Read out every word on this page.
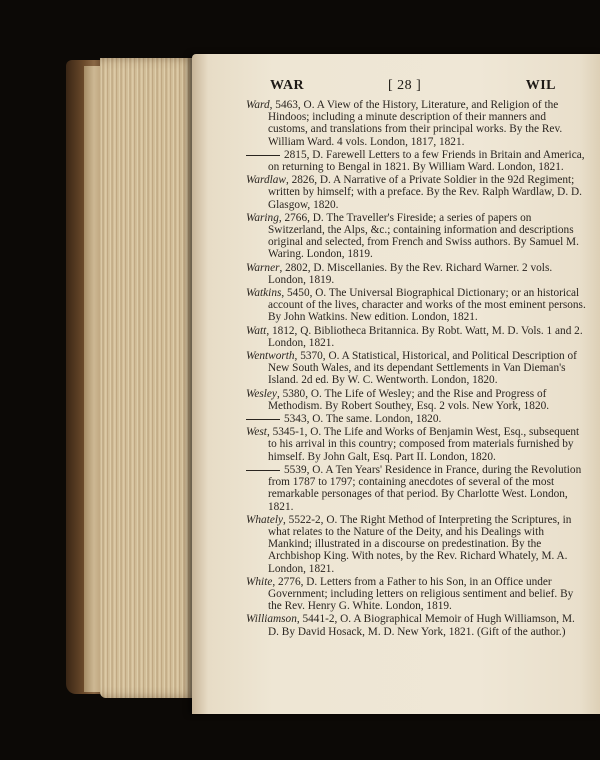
WAR	[ 28 ]	WIL

Ward, 5463, O. A View of the History, Literature, and Religion of the Hindoos; including a minute description of their manners and customs, and translations from their principal works. By the Rev. William Ward. 4 vols. London, 1817, 1821.

2815, D. Farewell Letters to a few Friends in Britain and America, on returning to Bengal in 1821. By William Ward. London, 1821.

Wardlaw, 2826, D. A Narrative of a Private Soldier in the 92d Regiment; written by himself; with a preface. By the Rev. Ralph Wardlaw, D. D. Glasgow, 1820.

Waring, 2766, D. The Traveller's Fireside; a series of papers on Switzerland, the Alps, &c.; containing information and descriptions original and selected, from French and Swiss authors. By Samuel M. Waring. London, 1819.

Warner, 2802, D. Miscellanies. By the Rev. Richard Warner. 2 vols. London, 1819.

Watkins, 5450, O. The Universal Biographical Dictionary; or an historical account of the lives, character and works of the most eminent persons. By John Watkins. New edition. London, 1821.

Watt, 1812, Q. Bibliotheca Britannica. By Robt. Watt, M. D. Vols. 1 and 2. London, 1821.

Wentworth, 5370, O. A Statistical, Historical, and Political Description of New South Wales, and its dependant Settlements in Van Dieman's Island. 2d ed. By W. C. Wentworth. London, 1820.

Wesley, 5380, O. The Life of Wesley; and the Rise and Progress of Methodism. By Robert Southey, Esq. 2 vols. New York, 1820.

5343, O. The same. London, 1820.

West, 5345-1, O. The Life and Works of Benjamin West, Esq., subsequent to his arrival in this country; composed from materials furnished by himself. By John Galt, Esq. Part II. London, 1820.

5539, O. A Ten Years' Residence in France, during the Revolution from 1787 to 1797; containing anecdotes of several of the most remarkable personages of that period. By Charlotte West. London, 1821.

Whately, 5522-2, O. The Right Method of Interpreting the Scriptures, in what relates to the Nature of the Deity, and his Dealings with Mankind; illustrated in a discourse on predestination. By the Archbishop King. With notes, by the Rev. Richard Whately, M. A. London, 1821.

White, 2776, D. Letters from a Father to his Son, in an Office under Government; including letters on religious sentiment and belief. By the Rev. Henry G. White. London, 1819.

Williamson, 5441-2, O. A Biographical Memoir of Hugh Williamson, M. D. By David Hosack, M. D. New York, 1821. (Gift of the author.)
